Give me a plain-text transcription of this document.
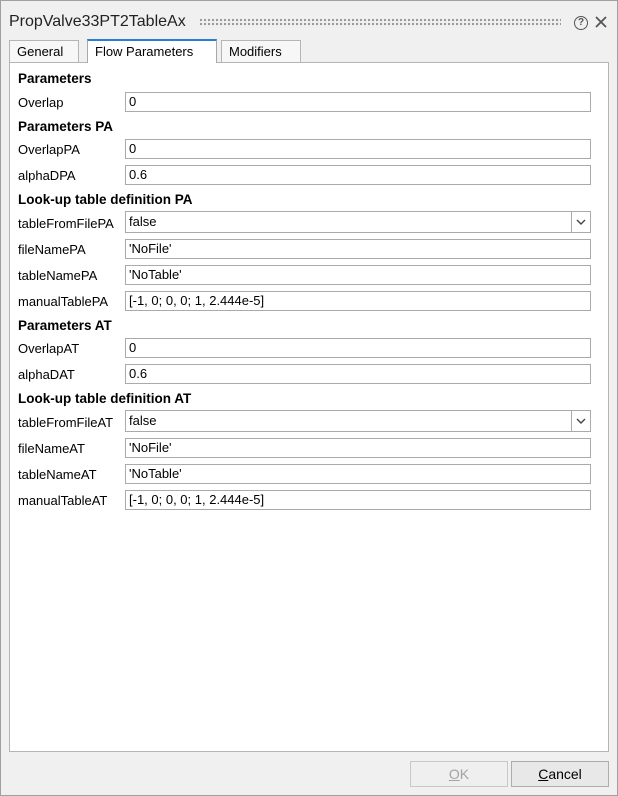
PropValve33PT2TableAx	?
General	Flow Parameters	Modifiers
Parameters
Overlap	0
Parameters PA
OverlapPA	0
alphaDPA	0.6
Look-up table definition PA
tableFromFilePA false
fileNamePA	'NoFile'
tableNamePA	'NoTable'
manualTablePA	[-1, 0; 0, 0; 1, 2.444e-5]
Parameters AT
OverlapAT	0
alphaDAT	0.6
Look-up table definition AT
tableFromFileAT false
fileNameAT	'NoFile'
tableNameAT	'NoTable'
manualTableAT	[-1, 0; 0, 0; 1, 2.444e-5]
OK	Cancel
